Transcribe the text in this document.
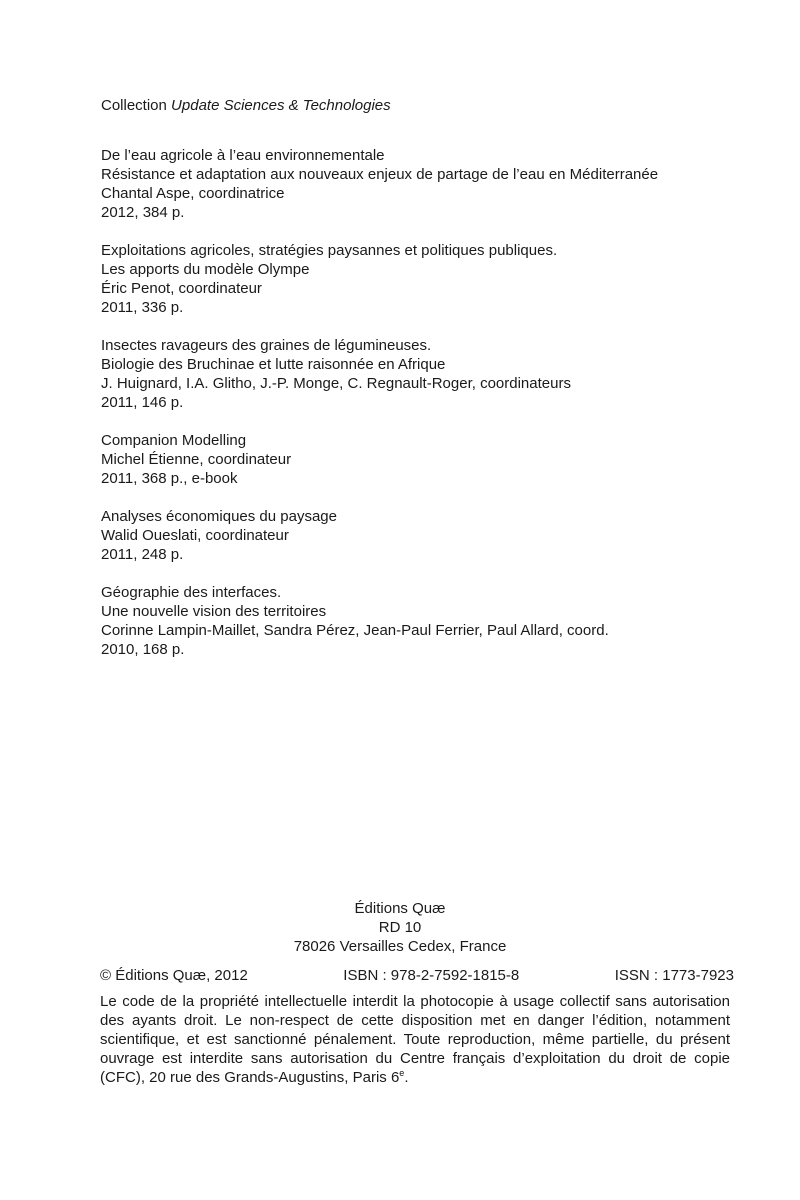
Collection Update Sciences & Technologies
De l’eau agricole à l’eau environnementale
Résistance et adaptation aux nouveaux enjeux de partage de l’eau en Méditerranée
Chantal Aspe, coordinatrice
2012, 384 p.
Exploitations agricoles, stratégies paysannes et politiques publiques.
Les apports du modèle Olympe
Éric Penot, coordinateur
2011, 336 p.
Insectes ravageurs des graines de légumineuses.
Biologie des Bruchinae et lutte raisonnée en Afrique
J. Huignard, I.A. Glitho, J.-P. Monge, C. Regnault-Roger, coordinateurs
2011, 146 p.
Companion Modelling
Michel Étienne, coordinateur
2011, 368 p., e-book
Analyses économiques du paysage
Walid Oueslati, coordinateur
2011, 248 p.
Géographie des interfaces.
Une nouvelle vision des territoires
Corinne Lampin-Maillet, Sandra Pérez, Jean-Paul Ferrier, Paul Allard, coord.
2010, 168 p.
Éditions Quæ
RD 10
78026 Versailles Cedex, France
© Éditions Quæ, 2012	ISBN : 978-2-7592-1815-8	ISSN : 1773-7923
Le code de la propriété intellectuelle interdit la photocopie à usage collectif sans autorisation des ayants droit. Le non-respect de cette disposition met en danger l’édition, notamment scientifique, et est sanctionné pénalement. Toute reproduction, même partielle, du présent ouvrage est interdite sans autorisation du Centre français d’exploitation du droit de copie (CFC), 20 rue des Grands-Augustins, Paris 6e.
